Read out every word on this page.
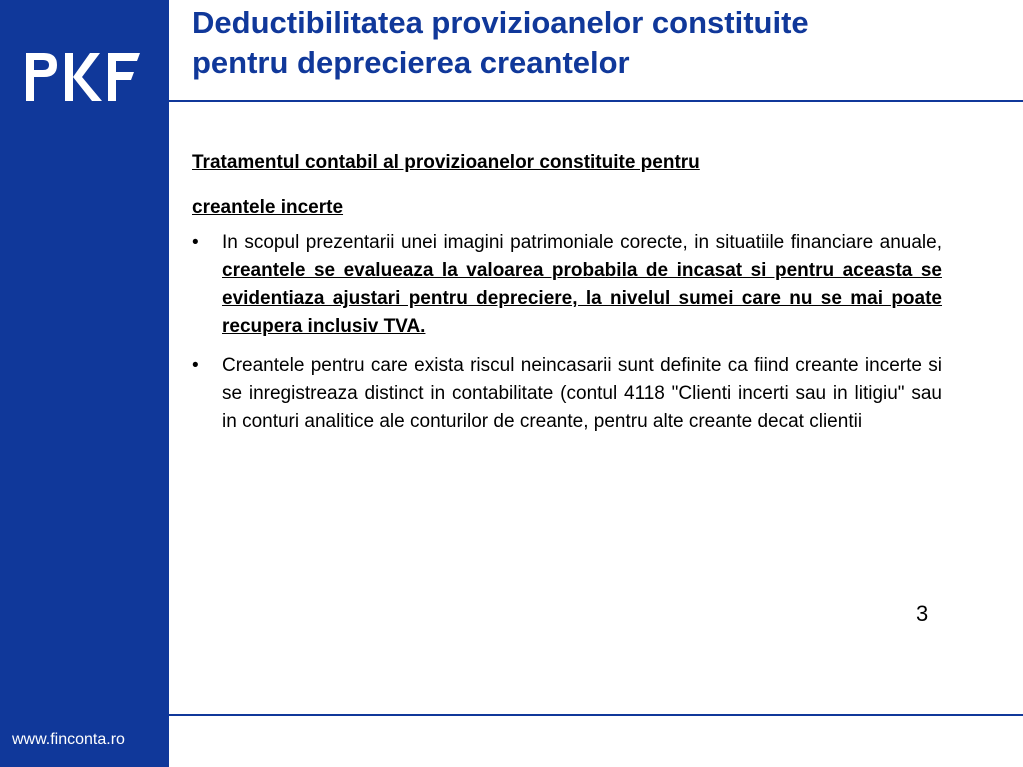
www.finconta.ro
Deductibilitatea provizioanelor constituite
pentru deprecierea creantelor

Tratamentul contabil al provizioanelor constituite pentru

creantele incerte

• In scopul prezentarii unei imagini patrimoniale corecte, in situatiile financiare anuale, creantele se evalueaza la valoarea probabila de incasat si pentru aceasta se evidentiaza ajustari pentru depreciere, la nivelul sumei care nu se mai poate recupera inclusiv TVA.
• Creantele pentru care exista riscul neincasarii sunt definite ca fiind creante incerte si se inregistreaza distinct in contabilitate (contul 4118 "Clienti incerti sau in litigiu" sau in conturi analitice ale conturilor de creante, pentru alte creante decat clientii
3
